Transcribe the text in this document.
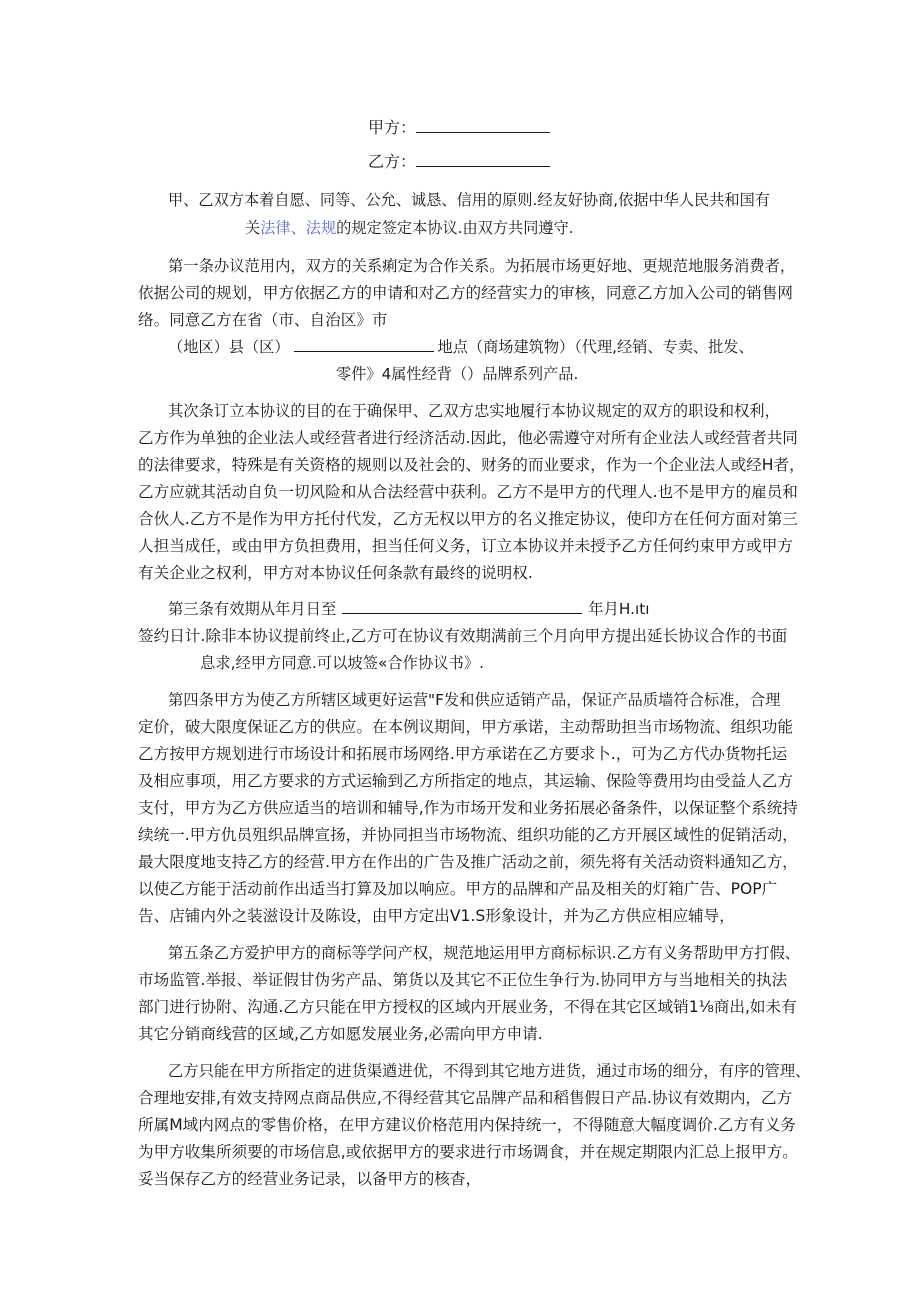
甲方：
乙方：
甲、乙双方本着自愿、同等、公允、诚恳、信用的原则.经友好协商,依据中华人民共和国有
关法律、法规的规定签定本协议.由双方共同遵守.
第一条办议范用内，双方的关系痢定为合作关系。为拓展市场更好地、更规范地服务消费者，
依据公司的规划，甲方依据乙方的申请和对乙方的经营实力的审核，同意乙方加入公司的销售网
络。同意乙方在省（市、自治区》市
（地区）县（区）	地点（商场建筑物）（代理,经销、专卖、批发、
零件》4属性经背（）品牌系列产品.
其次条订立本协议的目的在于确保甲、乙双方忠实地履行本协议规定的双方的职设和权利，
乙方作为单独的企业法人或经营者进行经济活动.因此，他必需遵守对所有企业法人或经营者共同
的法律要求，特殊是有关资格的规则以及社会的、财务的而业要求，作为一个企业法人或经H者，
乙方应就其活动自负一切风险和从合法经营中获利。乙方不是甲方的代理人.也不是甲方的雇员和
合伙人.乙方不是作为甲方托付代发，乙方无权以甲方的名义推定协议，使印方在任何方面对第三
人担当成任，或由甲方负担费用，担当任何义务，订立本协议并未授予乙方任何约束甲方或甲方
有关企业之权利，甲方对本协议任何条款有最终的说明权.
第三条有效期从年月日至	年月H.ıtı
签约日计.除非本协议提前终止,乙方可在协议有效期满前三个月向甲方提出延长协议合作的书面
息求,经甲方同意.可以坡签«合作协议书》.
第四条甲方为使乙方所辖区域更好运营"F发和供应适销产品，保证产品质墙符合标准，合理
定价，破大限度保证乙方的供应。在本例议期间，甲方承诺，主动帮助担当市场物流、组织功能
乙方按甲方规划进行市场设计和拓展市场网络.甲方承诺在乙方要求卜.，可为乙方代办货物托运
及相应事项，用乙方要求的方式运输到乙方所指定的地点，其运输、保险等费用均由受益人乙方
支付，甲方为乙方供应适当的培训和辅导,作为市场开发和业务拓展必备条件，以保证整个系统持
续统一.甲方仇员殂织品牌宣扬，并协同担当市场物流、组织功能的乙方开展区域性的促销活动，
最大限度地支持乙方的经营.甲方在作出的广告及推广活动之前，须先将有关活动资料通知乙方，
以使乙方能于活动前作出适当打算及加以响应。甲方的品牌和产品及相关的灯箱广告、POP广
告、店铺内外之装滋设计及陈设，由甲方定出V1.S形象设计，并为乙方供应相应辅导，
第五条乙方爱护甲方的商标等学问产权，规范地运用甲方商标标识.乙方有义务帮助甲方打假、
市场监管.举报、举证假甘伪劣产品、第货以及其它不正位生争行为.协同甲方与当地相关的执法
部门进行协附、沟通.乙方只能在甲方授权的区域内开展业务，不得在其它区域销1⅛商出,如未有
其它分销商线营的区域,乙方如愿发展业务,必需向甲方申请.
乙方只能在甲方所指定的进货渠遒进优，不得到其它地方进货，通过市场的细分，有序的管理、
合理地安排,有效支持网点商品供应,不得经营其它品牌产品和稻售假日产品.协议有效期内，乙方
所属M域内网点的零售价格，在甲方建议价格范用内保持统一，不得随意大幅度调价.乙方有义务
为甲方收集所须要的市场信息,或依据甲方的要求进行市场调食，并在规定期限内汇总上报甲方。
妥当保存乙方的经营业务记录，以备甲方的核杳，
